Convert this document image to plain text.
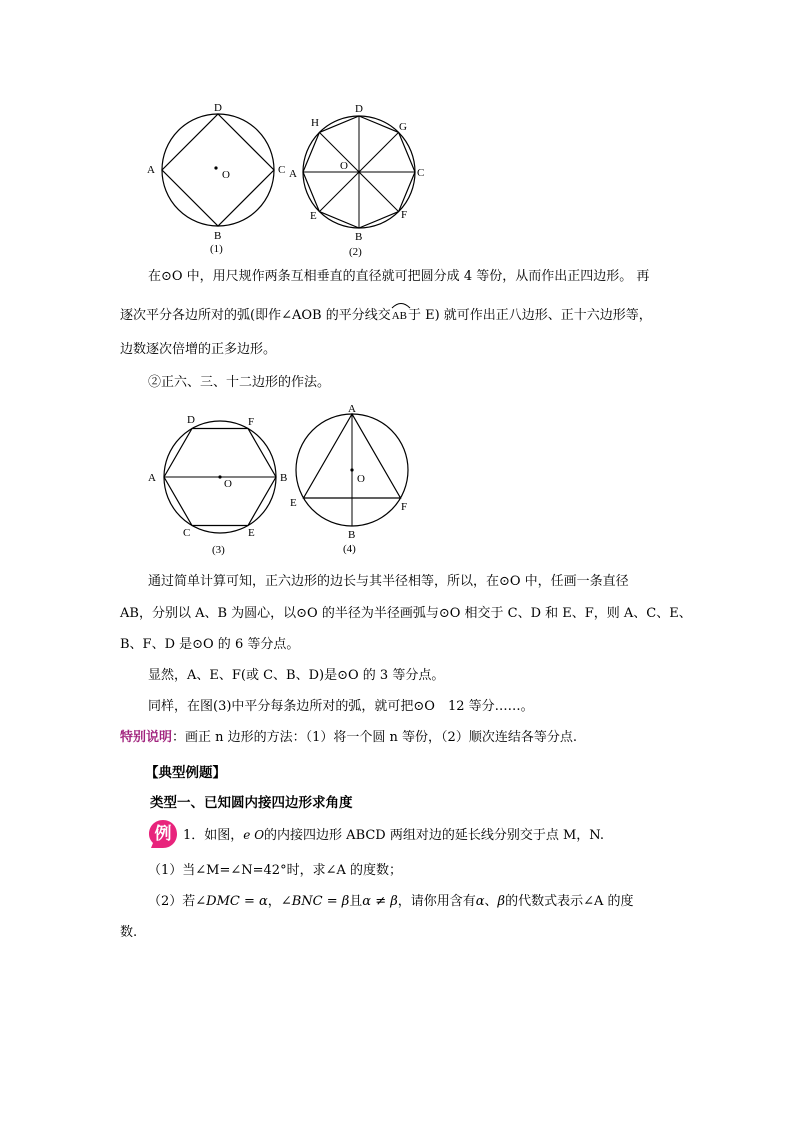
D
A	C
B
O
(1)
D
H	G
A	C
O
E	F
B
(2)
在⊙O 中，用尺规作两条互相垂直的直径就可把圆分成 4 等份，从而作出正四边形。 再
逐次平分各边所对的弧(即作∠AOB 的平分线交
AB于 E) 就可作出正八边形、正十六边形等，
边数逐次倍增的正多边形。
②正六、三、十二边形的作法。
D	F
A	B
O
C	E
(3)
A
E	F
O
B
(4)
通过简单计算可知，正六边形的边长与其半径相等，所以，在⊙O 中，任画一条直径
AB，分别以 A、B 为圆心，以⊙O 的半径为半径画弧与⊙O 相交于 C、D 和 E、F，则 A、C、E、
B、F、D 是⊙O 的 6 等分点。
显然，A、E、F(或 C、B、D)是⊙O 的 3 等分点。
同样，在图(3)中平分每条边所对的弧，就可把⊙O　12 等分……。
特别说明：画正 n 边形的方法：（1）将一个圆 n 等份，（2）顺次连结各等分点.
【典型例题】
类型一、已知圆内接四边形求角度
例 1．如图，e O的内接四边形 ABCD 两组对边的延长线分别交于点 M，N.
（1）当∠M=∠N=42°时，求∠A 的度数；
（2）若∠DMC = α，∠BNC = β且α ≠ β，请你用含有α、β的代数式表示∠A 的度
数.
